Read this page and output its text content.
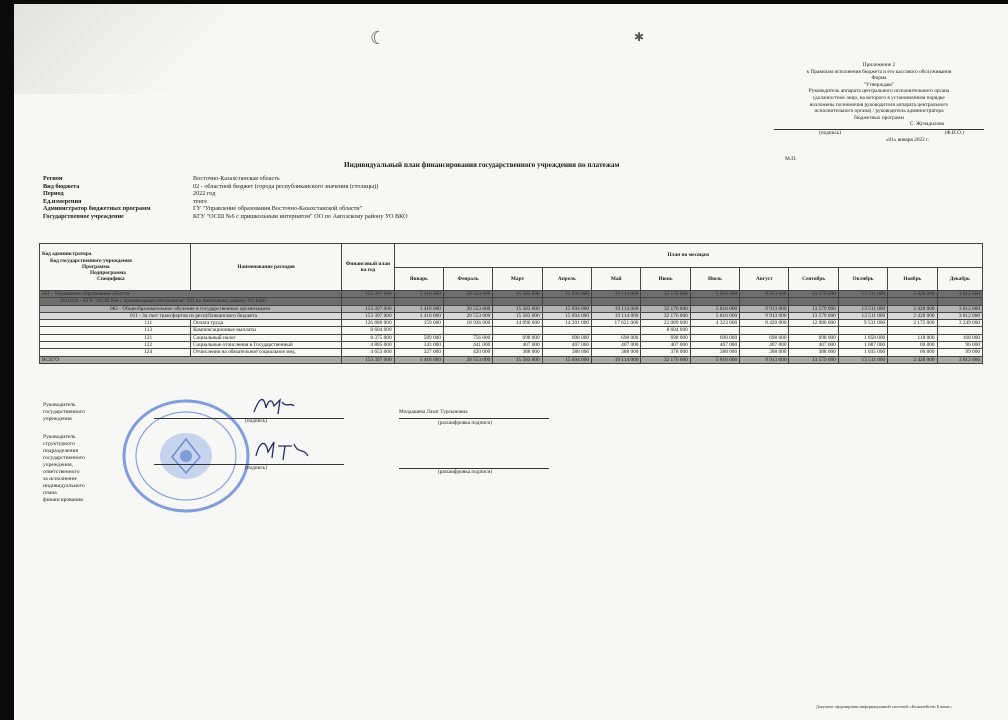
☾	✱
Приложение 2
к Правилам исполнения бюджета и его кассового обслуживания
Форма
"Утверждаю"
Руководитель аппарата центрального исполнительного органа
(должностное лицо, на которого в установленном порядке
возложены полномочия руководителя аппарата центрального
исполнительного органа) / руководитель администратора
бюджетных программ
С. Жунадилова
(подпись)	(Ф.И.О.)
«01» января 2022 г.
М.П.
Индивидуальный план финансирования государственного учреждения по платежам
Регион	Восточно-Казахстанская область
Вид бюджета	02 - областной бюджет (города республиканского значения (столицы))
Период	2022 год
Ед.измерения	тенге
Администратор бюджетных программ	ГУ "Управление образования Восточно-Казахстанской области"
Государственное учреждение	КГУ "ОСШ №6 с пришкольным интернатом" ОО по Аягозскому району УО ВКО
Код администратора
Код государственного учреждения
Программа
Подпрограмма
Специфика	Наименование расходов	Финансовый план на год	План по месяцам											
			Январь	Февраль	Март	Апрель	Май	Июнь	Июль	Август	Сентябрь	Октябрь	Ноябрь	Декабрь
261 - Управление образования области		153 397 000	1 418 000	20 553 000	15 583 000	15 694 000	19 114 000	32 176 000	5 816 000	9 913 000	13 579 000	13 511 000	2 428 000	3 612 000
2616242 - КГУ "ОСШ №6 с пришкольным интернатом" ОО по Аягозскому району УО ВКО														
082 - Общеобразовательное обучение в государственных организациях		153 397 000	1 418 000	20 553 000	15 583 000	15 694 000	19 114 000	32 176 000	5 816 000	9 913 000	13 579 000	13 511 000	2 428 000	3 612 000
011 - За счет трансфертов из республиканского бюджета		153 397 000	1 418 000	20 553 000	15 583 000	15 694 000	19 114 000	32 176 000	5 816 000	9 913 000	13 579 000	13 511 000	2 428 000	3 612 000
111	Оплата труда	126 880 000	159 000	18 936 000	14 090 000	14 201 000	17 621 000	22 089 000	4 323 000	8 420 000	12 086 000	9 531 000	2 175 000	3 249 000
113	Компенсационные выплаты	8 604 000						8 604 000						
121	Социальный налог	8 375 000	589 000	756 000	698 000	698 000	698 000	698 000	698 000	698 000	698 000	1 858 000	118 000	168 000
122	Социальные отчисления в Государственный	4 885 000	343 000	441 000	407 000	407 000	407 000	407 000	407 000	407 000	407 000	1 087 000	69 000	96 000
124	Отчисления на обязательное социальное мед.	4 653 000	327 000	420 000	388 000	388 000	388 000	378 000	388 000	388 000	388 000	1 035 000	66 000	99 000
ВСЕГО		153 397 000	1 418 000	20 553 000	15 583 000	15 694 000	19 114 000	32 176 000	5 816 000	9 913 000	13 579 000	13 511 000	2 428 000	3 612 000
Руководитель государственного учреждения
Руководитель структурного подразделения государственного
учреждения, ответственного за исполнение
индивидуального плана финансирования
(подпись)
Молдашева Лазат Турсыновна
(расшифровка подписи)
(подпись)
(расшифровка подписи)
Документ сформирован информационной системой «Казначейство Клиент»
